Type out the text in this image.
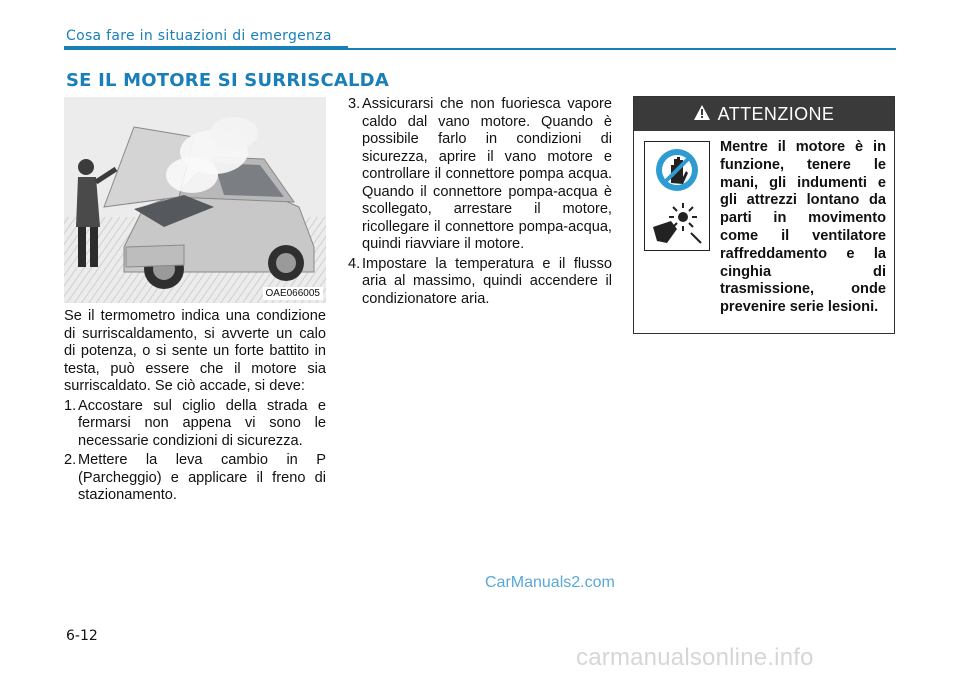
Cosa fare in situazioni di emergenza
SE IL MOTORE SI SURRISCALDA
OAE066005

Se il termometro indica una condizione di surriscaldamento, si avverte un calo di potenza, o si sente un forte battito in testa, può essere che il motore sia surriscaldato. Se ciò accade, si deve:

1. Accostare sul ciglio della strada e fermarsi non appena vi sono le necessarie condizioni di sicurezza.
2. Mettere la leva cambio in P (Parcheggio) e applicare il freno di stazionamento.
3. Assicurarsi che non fuoriesca vapore caldo dal vano motore. Quando è possibile farlo in condizioni di sicurezza, aprire il vano motore e controllare il connettore pompa acqua. Quando il connettore pompa-acqua è scollegato, arrestare il motore, ricollegare il connettore pompa-acqua, quindi riavviare il motore.
4. Impostare la temperatura e il flusso aria al massimo, quindi accendere il condizionatore aria.
ATTENZIONE
Mentre il motore è in funzione, tenere le mani, gli indumenti e gli attrezzi lontano da parti in movimento come il ventilatore raffreddamento e la cinghia di trasmissione, onde prevenire serie lesioni.
CarManuals2.com
6-12
carmanualsonline.info
